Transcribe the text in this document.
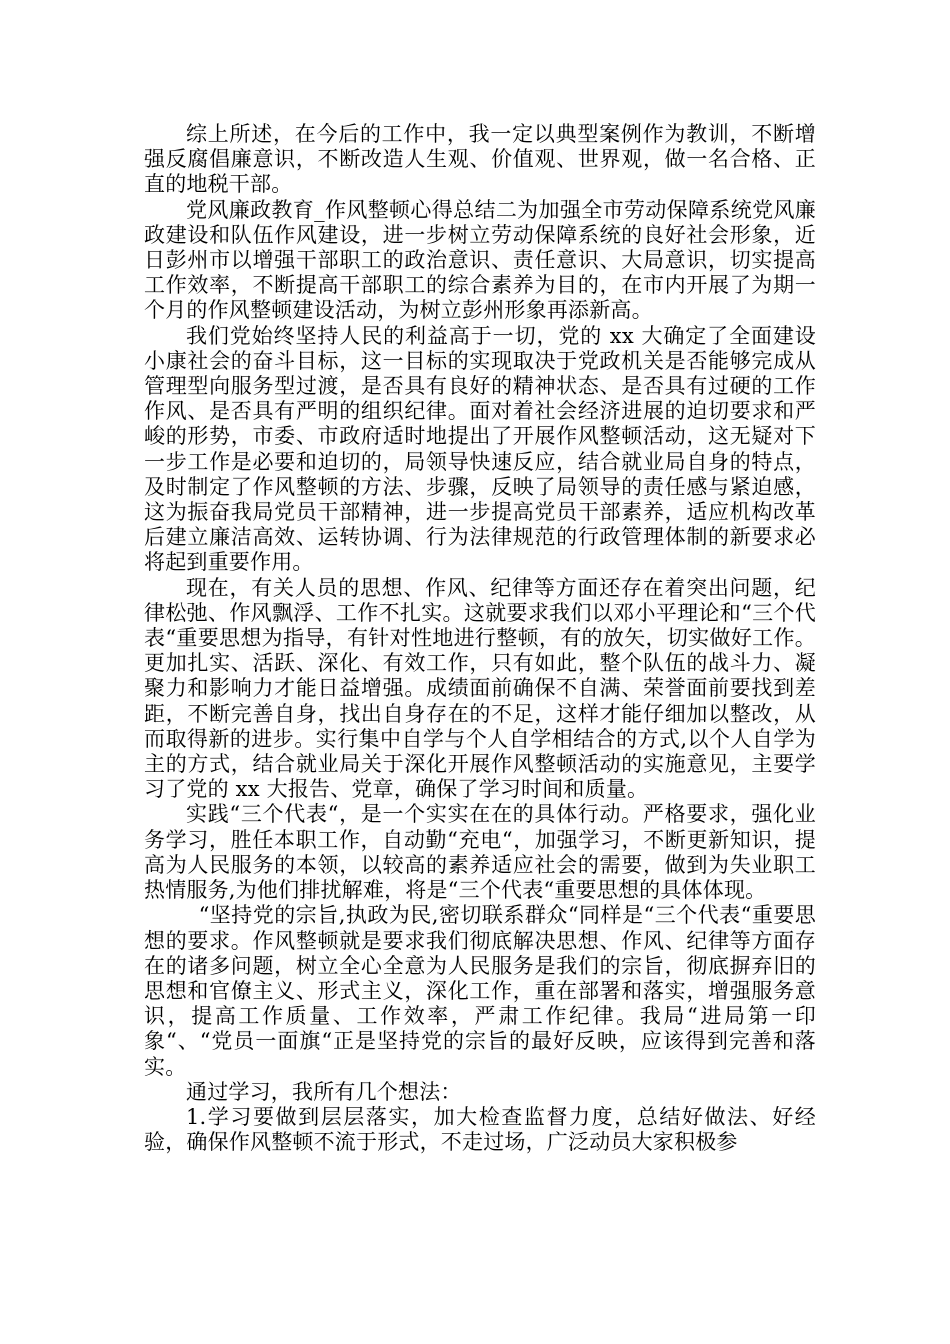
综上所述，在今后的工作中，我一定以典型案例作为教训，不断增强反腐倡廉意识，不断改造人生观、价值观、世界观，做一名合格、正直的地税干部。

党风廉政教育_作风整顿心得总结二为加强全市劳动保障系统党风廉政建设和队伍作风建设，进一步树立劳动保障系统的良好社会形象，近日彭州市以增强干部职工的政治意识、责任意识、大局意识，切实提高工作效率，不断提高干部职工的综合素养为目的，在市内开展了为期一个月的作风整顿建设活动，为树立彭州形象再添新高。

我们党始终坚持人民的利益高于一切，党的 xx 大确定了全面建设小康社会的奋斗目标，这一目标的实现取决于党政机关是否能够完成从管理型向服务型过渡，是否具有良好的精神状态、是否具有过硬的工作作风、是否具有严明的组织纪律。面对着社会经济进展的迫切要求和严峻的形势，市委、市政府适时地提出了开展作风整顿活动，这无疑对下一步工作是必要和迫切的，局领导快速反应，结合就业局自身的特点，及时制定了作风整顿的方法、步骤，反映了局领导的责任感与紧迫感，这为振奋我局党员干部精神，进一步提高党员干部素养，适应机构改革后建立廉洁高效、运转协调、行为法律规范的行政管理体制的新要求必将起到重要作用。

现在，有关人员的思想、作风、纪律等方面还存在着突出问题，纪律松弛、作风飘浮、工作不扎实。这就要求我们以邓小平理论和“三个代表“重要思想为指导，有针对性地进行整顿，有的放矢，切实做好工作。更加扎实、活跃、深化、有效工作，只有如此，整个队伍的战斗力、凝聚力和影响力才能日益增强。成绩面前确保不自满、荣誉面前要找到差距，不断完善自身，找出自身存在的不足，这样才能仔细加以整改，从而取得新的进步。实行集中自学与个人自学相结合的方式,以个人自学为主的方式，结合就业局关于深化开展作风整顿活动的实施意见，主要学习了党的 xx 大报告、党章，确保了学习时间和质量。

实践“三个代表“，是一个实实在在的具体行动。严格要求，强化业务学习，胜任本职工作，自动勤“充电“，加强学习，不断更新知识，提高为人民服务的本领，以较高的素养适应社会的需要，做到为失业职工热情服务,为他们排扰解难，将是“三个代表“重要思想的具体体现。

“坚持党的宗旨,执政为民,密切联系群众“同样是“三个代表“重要思想的要求。作风整顿就是要求我们彻底解决思想、作风、纪律等方面存在的诸多问题，树立全心全意为人民服务是我们的宗旨，彻底摒弃旧的思想和官僚主义、形式主义，深化工作，重在部署和落实，增强服务意识，提高工作质量、工作效率，严肃工作纪律。我局“进局第一印象“、“党员一面旗“正是坚持党的宗旨的最好反映，应该得到完善和落实。

通过学习，我所有几个想法：

1.学习要做到层层落实，加大检查监督力度，总结好做法、好经验，确保作风整顿不流于形式，不走过场，广泛动员大家积极参
